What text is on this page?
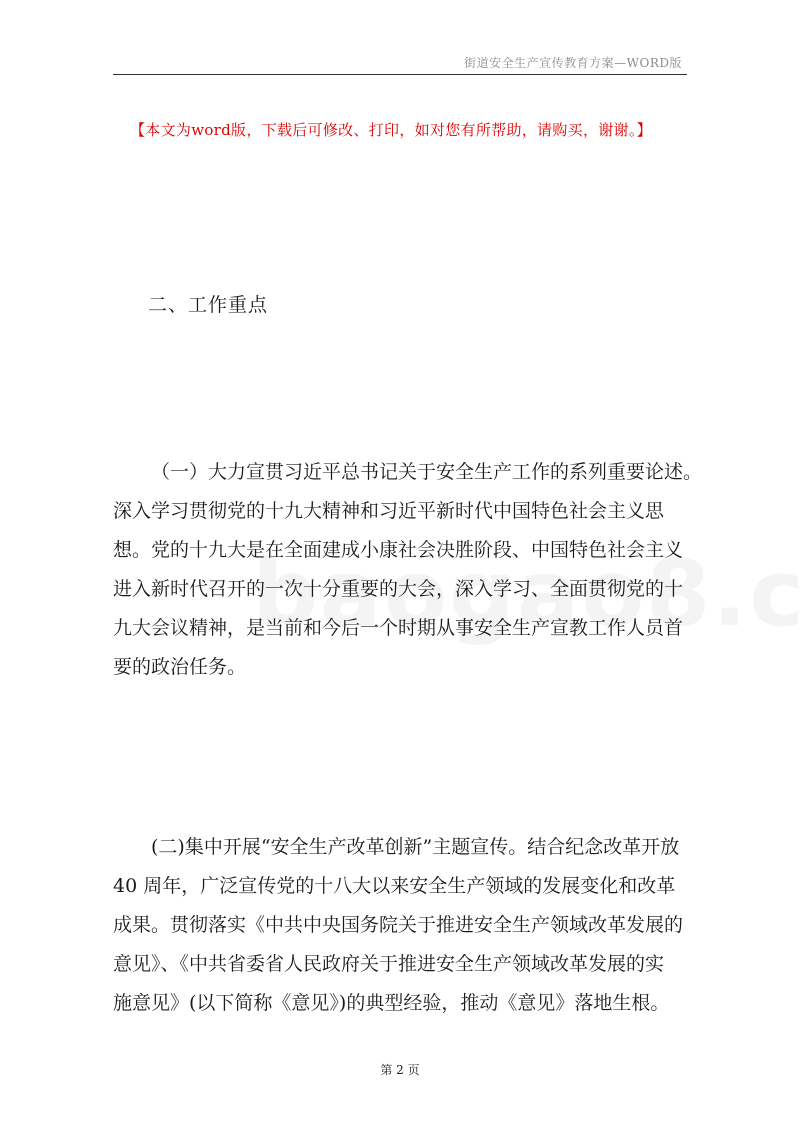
街道安全生产宣传教育方案—WORD版
【本文为word版，下载后可修改、打印，如对您有所帮助，请购买，谢谢。】
二、工作重点
（一）大力宣贯习近平总书记关于安全生产工作的系列重要论述。
深入学习贯彻党的十九大精神和习近平新时代中国特色社会主义思
想。党的十九大是在全面建成小康社会决胜阶段、中国特色社会主义
进入新时代召开的一次十分重要的大会，深入学习、全面贯彻党的十
九大会议精神，是当前和今后一个时期从事安全生产宣教工作人员首
要的政治任务。
(二)集中开展“安全生产改革创新”主题宣传。结合纪念改革开放
40 周年，广泛宣传党的十八大以来安全生产领域的发展变化和改革
成果。贯彻落实《中共中央国务院关于推进安全生产领域改革发展的
意见》、《中共省委省人民政府关于推进安全生产领域改革发展的实
施意见》(以下简称《意见》)的典型经验，推动《意见》落地生根。
第 2 页
